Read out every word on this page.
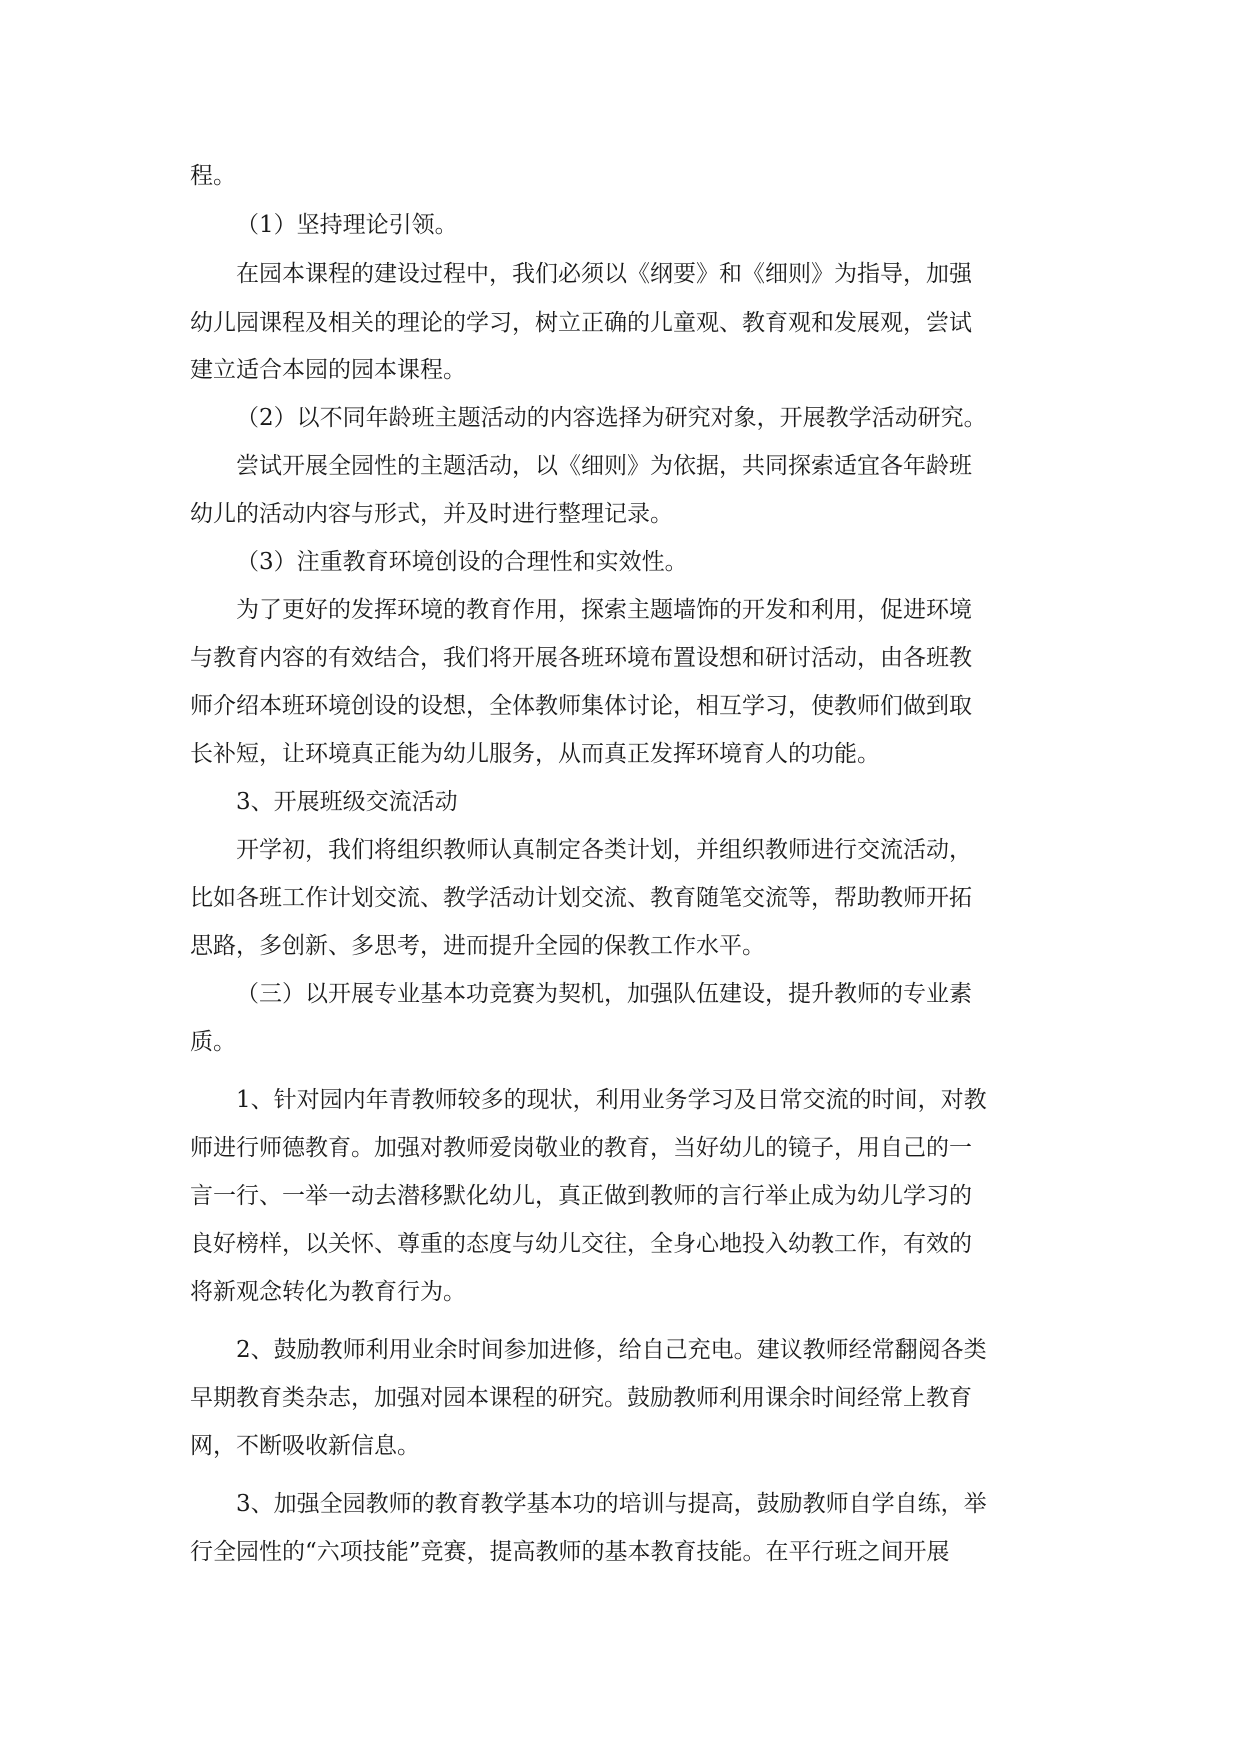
程。
（1）坚持理论引领。
在园本课程的建设过程中，我们必须以《纲要》和《细则》为指导，加强
幼儿园课程及相关的理论的学习，树立正确的儿童观、教育观和发展观，尝试
建立适合本园的园本课程。
（2）以不同年龄班主题活动的内容选择为研究对象，开展教学活动研究。
尝试开展全园性的主题活动，以《细则》为依据，共同探索适宜各年龄班
幼儿的活动内容与形式，并及时进行整理记录。
（3）注重教育环境创设的合理性和实效性。
为了更好的发挥环境的教育作用，探索主题墙饰的开发和利用，促进环境
与教育内容的有效结合，我们将开展各班环境布置设想和研讨活动，由各班教
师介绍本班环境创设的设想，全体教师集体讨论，相互学习，使教师们做到取
长补短，让环境真正能为幼儿服务，从而真正发挥环境育人的功能。
3、开展班级交流活动
开学初，我们将组织教师认真制定各类计划，并组织教师进行交流活动，
比如各班工作计划交流、教学活动计划交流、教育随笔交流等，帮助教师开拓
思路，多创新、多思考，进而提升全园的保教工作水平。
（三）以开展专业基本功竞赛为契机，加强队伍建设，提升教师的专业素
质。
1、针对园内年青教师较多的现状，利用业务学习及日常交流的时间，对教
师进行师德教育。加强对教师爱岗敬业的教育，当好幼儿的镜子，用自己的一
言一行、一举一动去潜移默化幼儿，真正做到教师的言行举止成为幼儿学习的
良好榜样，以关怀、尊重的态度与幼儿交往，全身心地投入幼教工作，有效的
将新观念转化为教育行为。
2、鼓励教师利用业余时间参加进修，给自己充电。建议教师经常翻阅各类
早期教育类杂志，加强对园本课程的研究。鼓励教师利用课余时间经常上教育
网，不断吸收新信息。
3、加强全园教师的教育教学基本功的培训与提高，鼓励教师自学自练，举
行全园性的“六项技能”竞赛，提高教师的基本教育技能。在平行班之间开展
